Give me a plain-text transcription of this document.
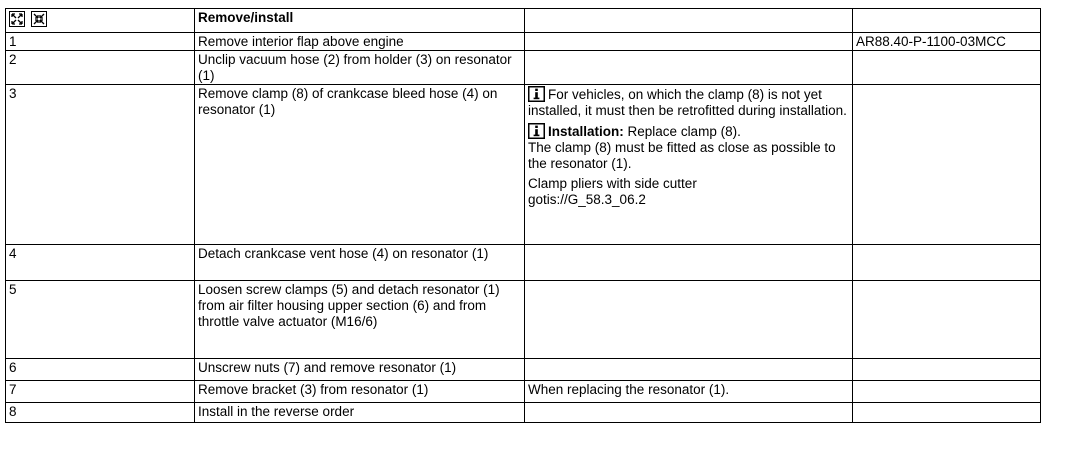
	Remove/install		
1	Remove interior flap above engine		AR88.40-P-1100-03MCC
2	Unclip vacuum hose (2) from holder (3) on resonator (1)		
3	Remove clamp (8) of crankcase bleed hose (4) on resonator (1)	For vehicles, on which the clamp (8) is not yet installed, it must then be retrofitted during installation.

Installation: Replace clamp (8).
The clamp (8) must be fitted as close as possible to the resonator (1).

Clamp pliers with side cutter
gotis://G_58.3_06.2	

4	Detach crankcase vent hose (4) on resonator (1)		
5	Loosen screw clamps (5) and detach resonator (1) from air filter housing upper section (6) and from throttle valve actuator (M16/6)		
6	Unscrew nuts (7) and remove resonator (1)		
7	Remove bracket (3) from resonator (1)	When replacing the resonator (1).	
8	Install in the reverse order		
